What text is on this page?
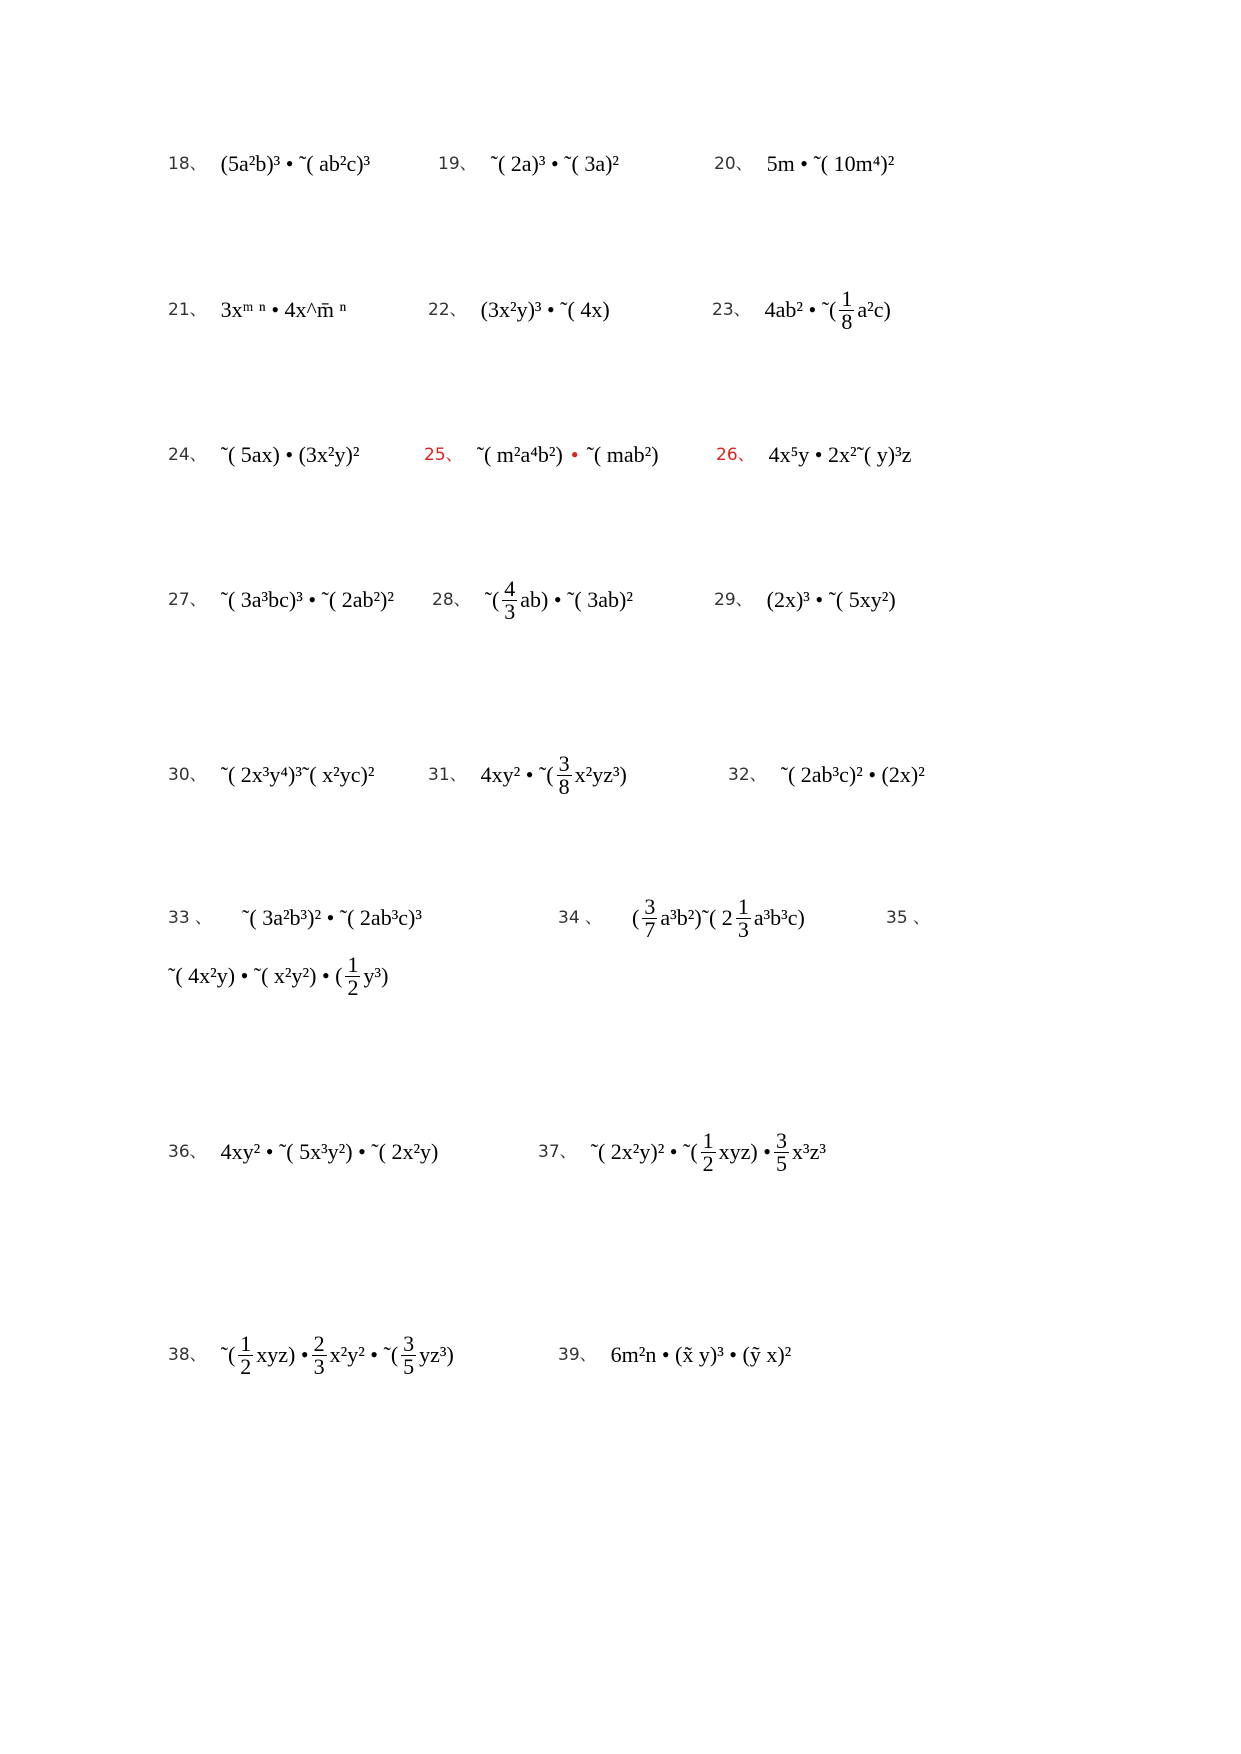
18、 (5a²b)³ • ˜( ab²c)³	19、 ˜( 2a)³ • ˜( 3a)²	20、 5m • ˜( 10m⁴)²
21、 3xᵐ ⁿ • 4x^m̄ ⁿ	22、 (3x²y)³ • ˜( 4x)	23、 4ab² • ˜( $\frac{1}{8} a^2c$)
24、 ˜( 5ax) • (3x²y)²	25、 ˜( m²a⁴b²) • ˜( mab²)	26、 4x⁵y • 2x²˜( y)³z
27、 ˜( 3a³bc)³ • ˜( 2ab²)² 28、 ˜( $\frac{4}{3} ab$) • ˜( 3ab)²	29、 (2x)³ • ˜( 5xy²)
30、 ˜( 2x³y⁴)³˜( x²yc)²	31、 4xy² • ˜( $\frac{3}{8} x^2yz^3$)	32、 ˜( 2ab³c)² • (2x)²
33 、 ˜( 3a²b³)² • ˜( 2ab³c)³	34 、 ( $\frac{3}{7}$ a³b²)˜( $2 \frac{1}{3} a^3b^3c$)	35 、
˜( 4x²y) • ˜( x²y²) • ( $\frac{1}{2} y^3$)
36、 4xy² • ˜( 5x³y²) • ˜( 2x²y)	37、 ˜( 2x²y)² • ˜( $\frac{1}{2} xyz$) • $\frac{3}{5} x^3z^3$
38、 ˜( $\frac{1}{2} xyz$) • $\frac{2}{3} x^2y^2$ • ˜( $\frac{3}{5} yz^3$)	39、 6m²n • (x̃ y)³ • (ỹ x)²
